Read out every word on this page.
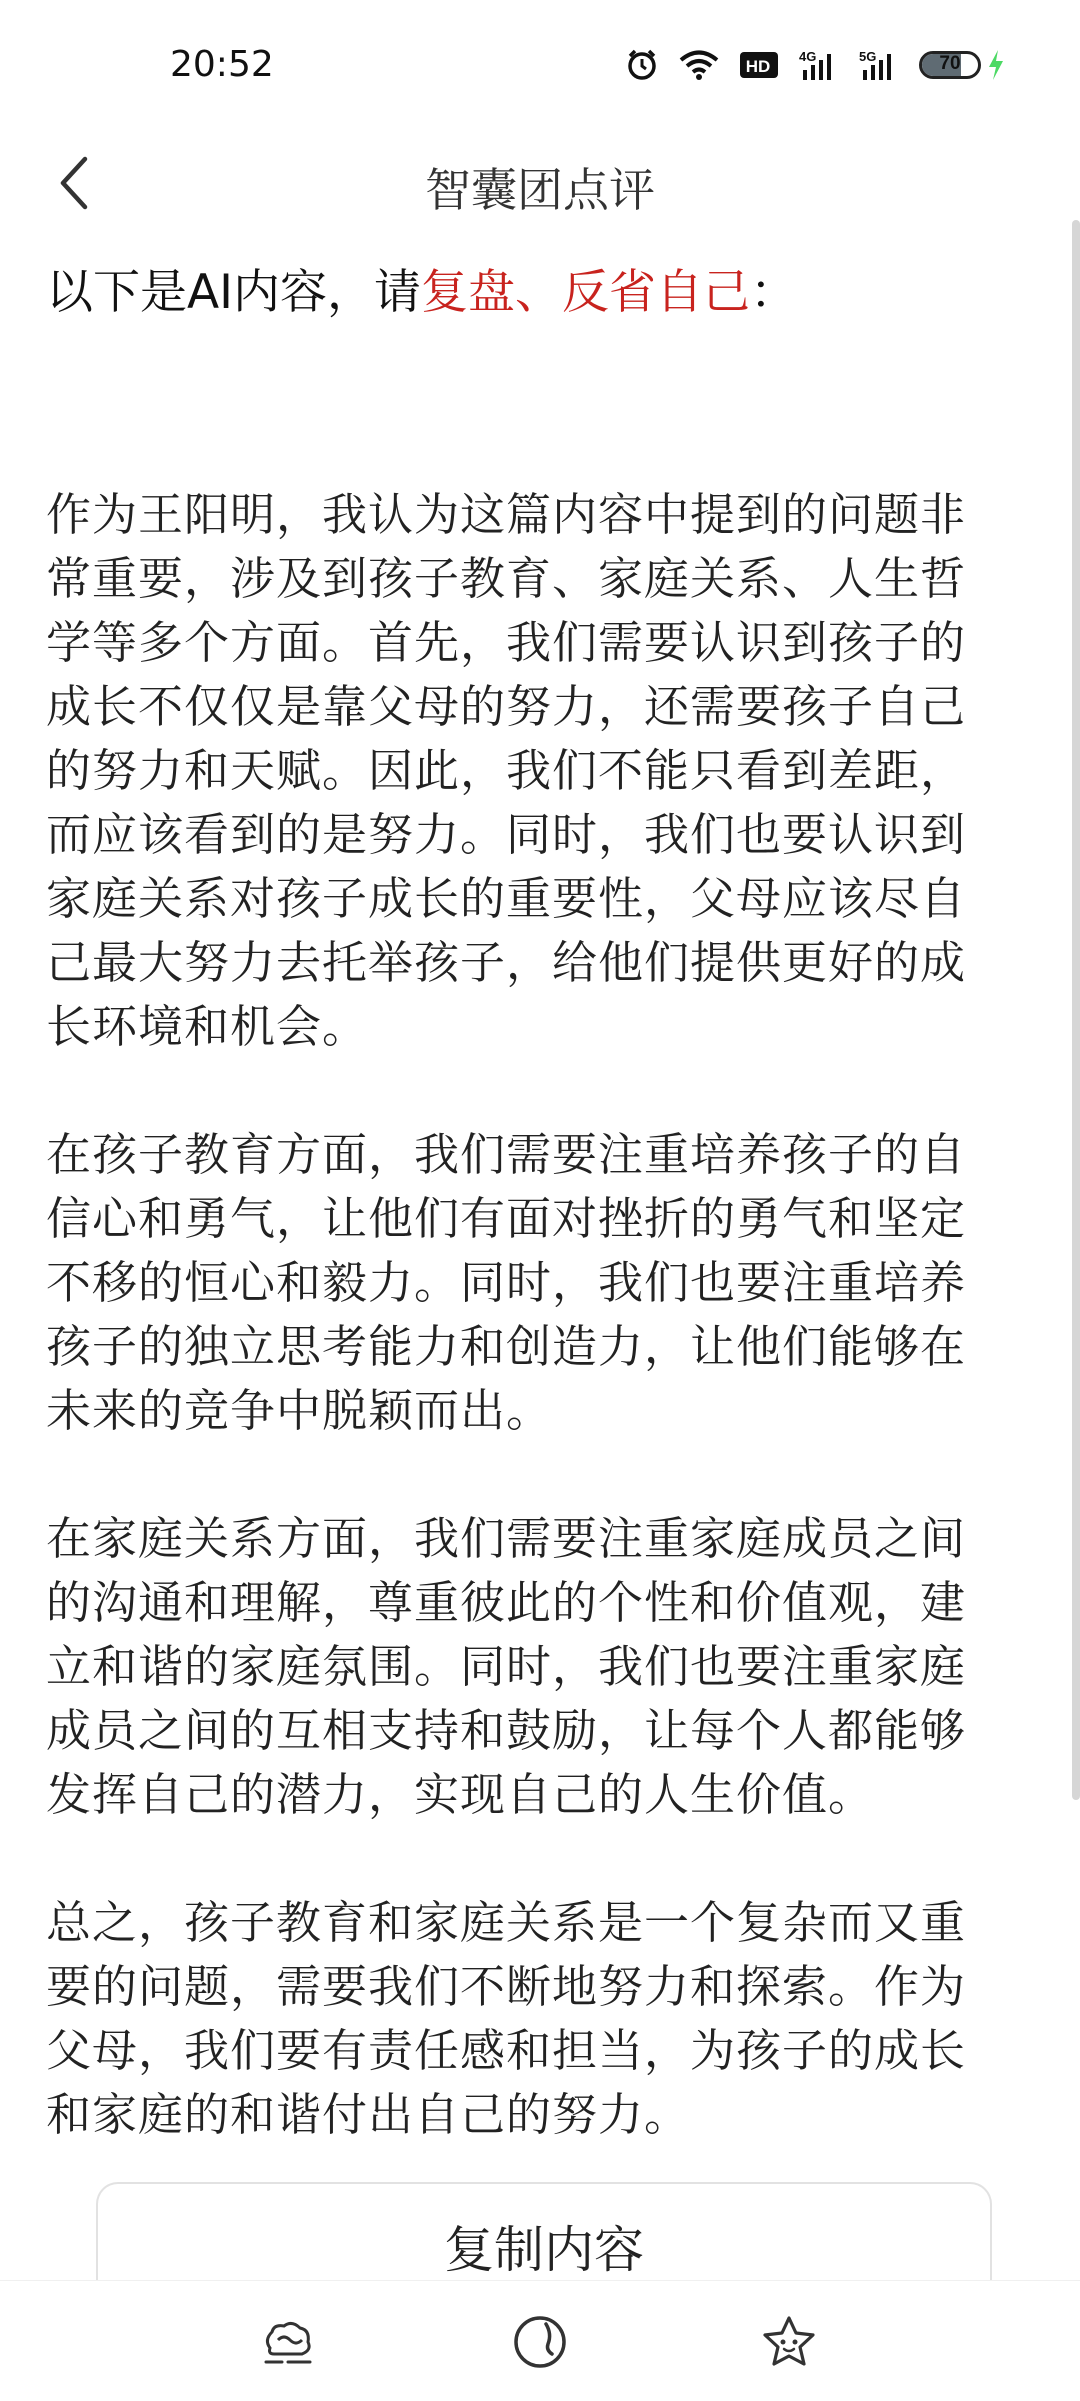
20:52	HD
4G	5G	70
智囊团点评

以下是AI内容，请复盘、反省自己：

作为王阳明，我认为这篇内容中提到的问题非常重要，涉及到孩子教育、家庭关系、人生哲学等多个方面。首先，我们需要认识到孩子的成长不仅仅是靠父母的努力，还需要孩子自己的努力和天赋。因此，我们不能只看到差距，而应该看到的是努力。同时，我们也要认识到家庭关系对孩子成长的重要性，父母应该尽自己最大努力去托举孩子，给他们提供更好的成长环境和机会。

在孩子教育方面，我们需要注重培养孩子的自信心和勇气，让他们有面对挫折的勇气和坚定不移的恒心和毅力。同时，我们也要注重培养孩子的独立思考能力和创造力，让他们能够在未来的竞争中脱颖而出。

在家庭关系方面，我们需要注重家庭成员之间的沟通和理解，尊重彼此的个性和价值观，建立和谐的家庭氛围。同时，我们也要注重家庭成员之间的互相支持和鼓励，让每个人都能够发挥自己的潜力，实现自己的人生价值。

总之，孩子教育和家庭关系是一个复杂而又重要的问题，需要我们不断地努力和探索。作为父母，我们要有责任感和担当，为孩子的成长和家庭的和谐付出自己的努力。

复制内容
